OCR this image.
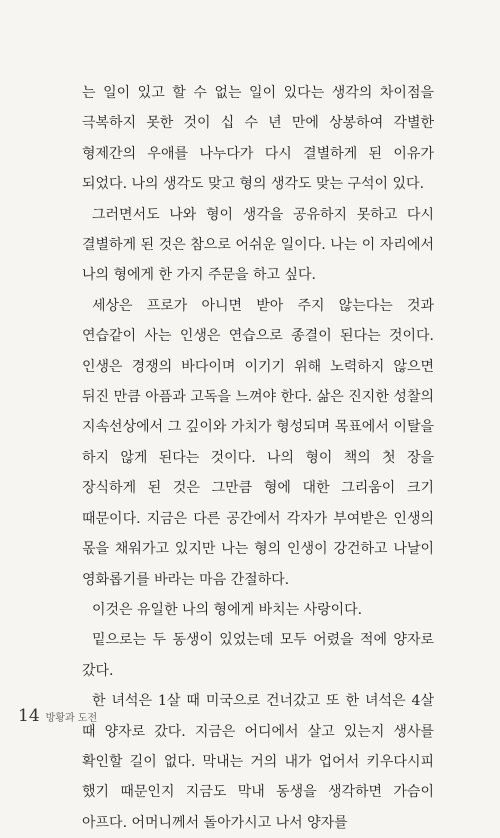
는 일이 있고 할 수 없는 일이 있다는 생각의 차이점을 극복하지 못한 것이 십 수 년 만에 상봉하여 각별한 형제간의 우애를 나누다가 다시 결별하게 된 이유가 되었다. 나의 생각도 맞고 형의 생각도 맞는 구석이 있다.

그러면서도 나와 형이 생각을 공유하지 못하고 다시 결별하게 된 것은 참으로 어쉬운 일이다. 나는 이 자리에서 나의 형에게 한 가지 주문을 하고 싶다.

세상은 프로가 아니면 받아 주지 않는다는 것과 연습같이 사는 인생은 연습으로 종결이 된다는 것이다. 인생은 경쟁의 바다이며 이기기 위해 노력하지 않으면 뒤진 만큼 아픔과 고독을 느껴야 한다. 삶은 진지한 성찰의 지속선상에서 그 깊이와 가치가 형성되며 목표에서 이탈을 하지 않게 된다는 것이다. 나의 형이 책의 첫 장을 장식하게 된 것은 그만큼 형에 대한 그리움이 크기 때문이다. 지금은 다른 공간에서 각자가 부여받은 인생의 몫을 채워가고 있지만 나는 형의 인생이 강건하고 나날이 영화롭기를 바라는 마음 간절하다.

이것은 유일한 나의 형에게 바치는 사랑이다.

밑으로는 두 동생이 있었는데 모두 어렸을 적에 양자로 갔다.

한 녀석은 1살 때 미국으로 건너갔고 또 한 녀석은 4살 때 양자로 갔다. 지금은 어디에서 살고 있는지 생사를 확인할 길이 없다. 막내는 거의 내가 업어서 키우다시피 했기 때문인지 지금도 막내 동생을 생각하면 가슴이 아프다. 어머니께서 돌아가시고 나서 양자를

14 방황과 도전
